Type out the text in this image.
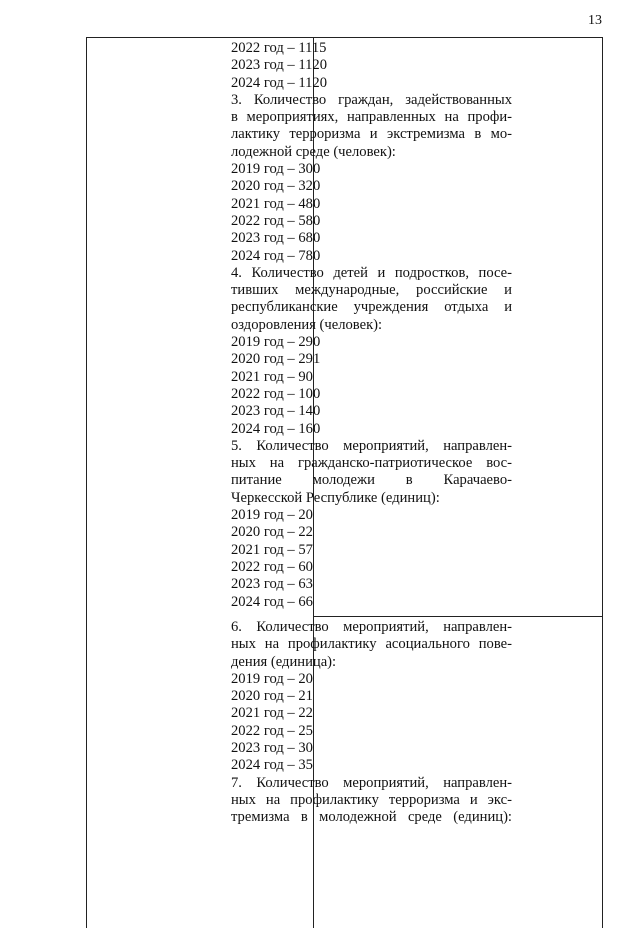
13

2022 год – 1115

2023 год – 1120

2024 год – 1120

3. Количество граждан, задействованных

в мероприятиях, направленных на профи-

лактику терроризма и экстремизма в мо-

лодежной среде (человек):

2019 год – 300

2020 год – 320

2021 год – 480

2022 год – 580

2023 год – 680

2024 год – 780

4. Количество детей и подростков, посе-

тивших международные, российские и

республиканские учреждения отдыха и

оздоровления (человек):

2019 год – 290

2020 год – 291

2021 год – 90

2022 год – 100

2023 год – 140

2024 год – 160

5. Количество мероприятий, направлен-

ных на гражданско-патриотическое вос-

питание молодежи в Карачаево-

Черкесской Республике (единиц):

2019 год – 20

2020 год – 22

2021 год – 57

2022 год – 60

2023 год – 63

2024 год – 66

6. Количество мероприятий, направлен-

ных на профилактику асоциального пове-

дения (единица):

2019 год – 20

2020 год – 21

2021 год – 22

2022 год – 25

2023 год – 30

2024 год – 35

7. Количество мероприятий, направлен-

ных на профилактику терроризма и экс-

тремизма в молодежной среде (единиц):
